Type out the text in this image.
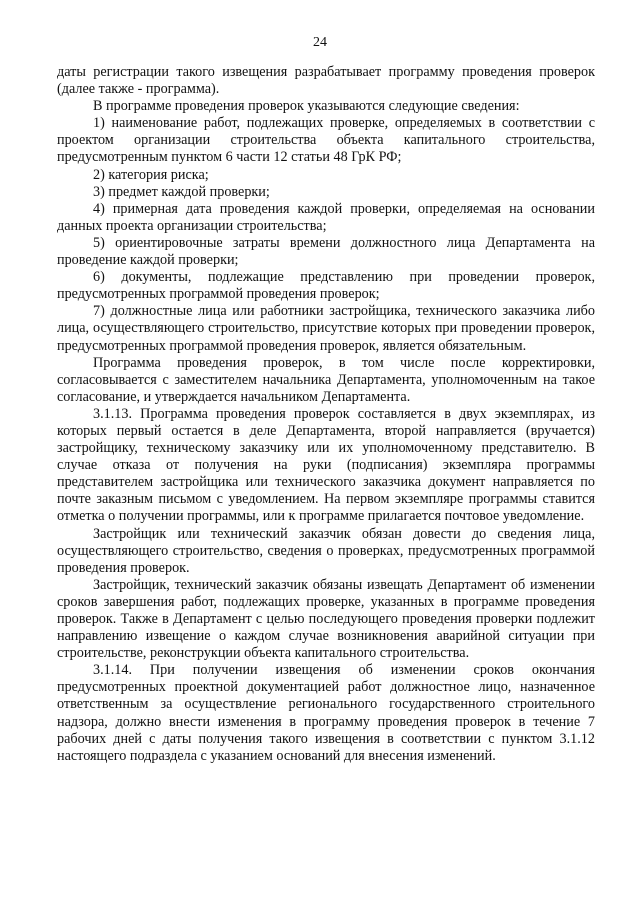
24

даты регистрации такого извещения разрабатывает программу проведения проверок (далее также - программа).

В программе проведения проверок указываются следующие сведения:

1) наименование работ, подлежащих проверке, определяемых в соответствии с проектом организации строительства объекта капитального строительства, предусмотренным пунктом 6 части 12 статьи 48 ГрК РФ;

2) категория риска;

3) предмет каждой проверки;

4) примерная дата проведения каждой проверки, определяемая на основании данных проекта организации строительства;

5) ориентировочные затраты времени должностного лица Департамента на проведение каждой проверки;

6) документы, подлежащие представлению при проведении проверок, предусмотренных программой проведения проверок;

7) должностные лица или работники застройщика, технического заказчика либо лица, осуществляющего строительство, присутствие которых при проведении проверок, предусмотренных программой проведения проверок, является обязательным.

Программа проведения проверок, в том числе после корректировки, согласовывается с заместителем начальника Департамента, уполномоченным на такое согласование, и утверждается начальником Департамента.

3.1.13. Программа проведения проверок составляется в двух экземплярах, из которых первый остается в деле Департамента, второй направляется (вручается) застройщику, техническому заказчику или их уполномоченному представителю. В случае отказа от получения на руки (подписания) экземпляра программы представителем застройщика или технического заказчика документ направляется по почте заказным письмом с уведомлением. На первом экземпляре программы ставится отметка о получении программы, или к программе прилагается почтовое уведомление.

Застройщик или технический заказчик обязан довести до сведения лица, осуществляющего строительство, сведения о проверках, предусмотренных программой проведения проверок.

Застройщик, технический заказчик обязаны извещать Департамент об изменении сроков завершения работ, подлежащих проверке, указанных в программе проведения проверок. Также в Департамент с целью последующего проведения проверки подлежит направлению извещение о каждом случае возникновения аварийной ситуации при строительстве, реконструкции объекта капитального строительства.

3.1.14. При получении извещения об изменении сроков окончания предусмотренных проектной документацией работ должностное лицо, назначенное ответственным за осуществление регионального государственного строительного надзора, должно внести изменения в программу проведения проверок в течение 7 рабочих дней с даты получения такого извещения в соответствии с пунктом 3.1.12 настоящего подраздела с указанием оснований для внесения изменений.
